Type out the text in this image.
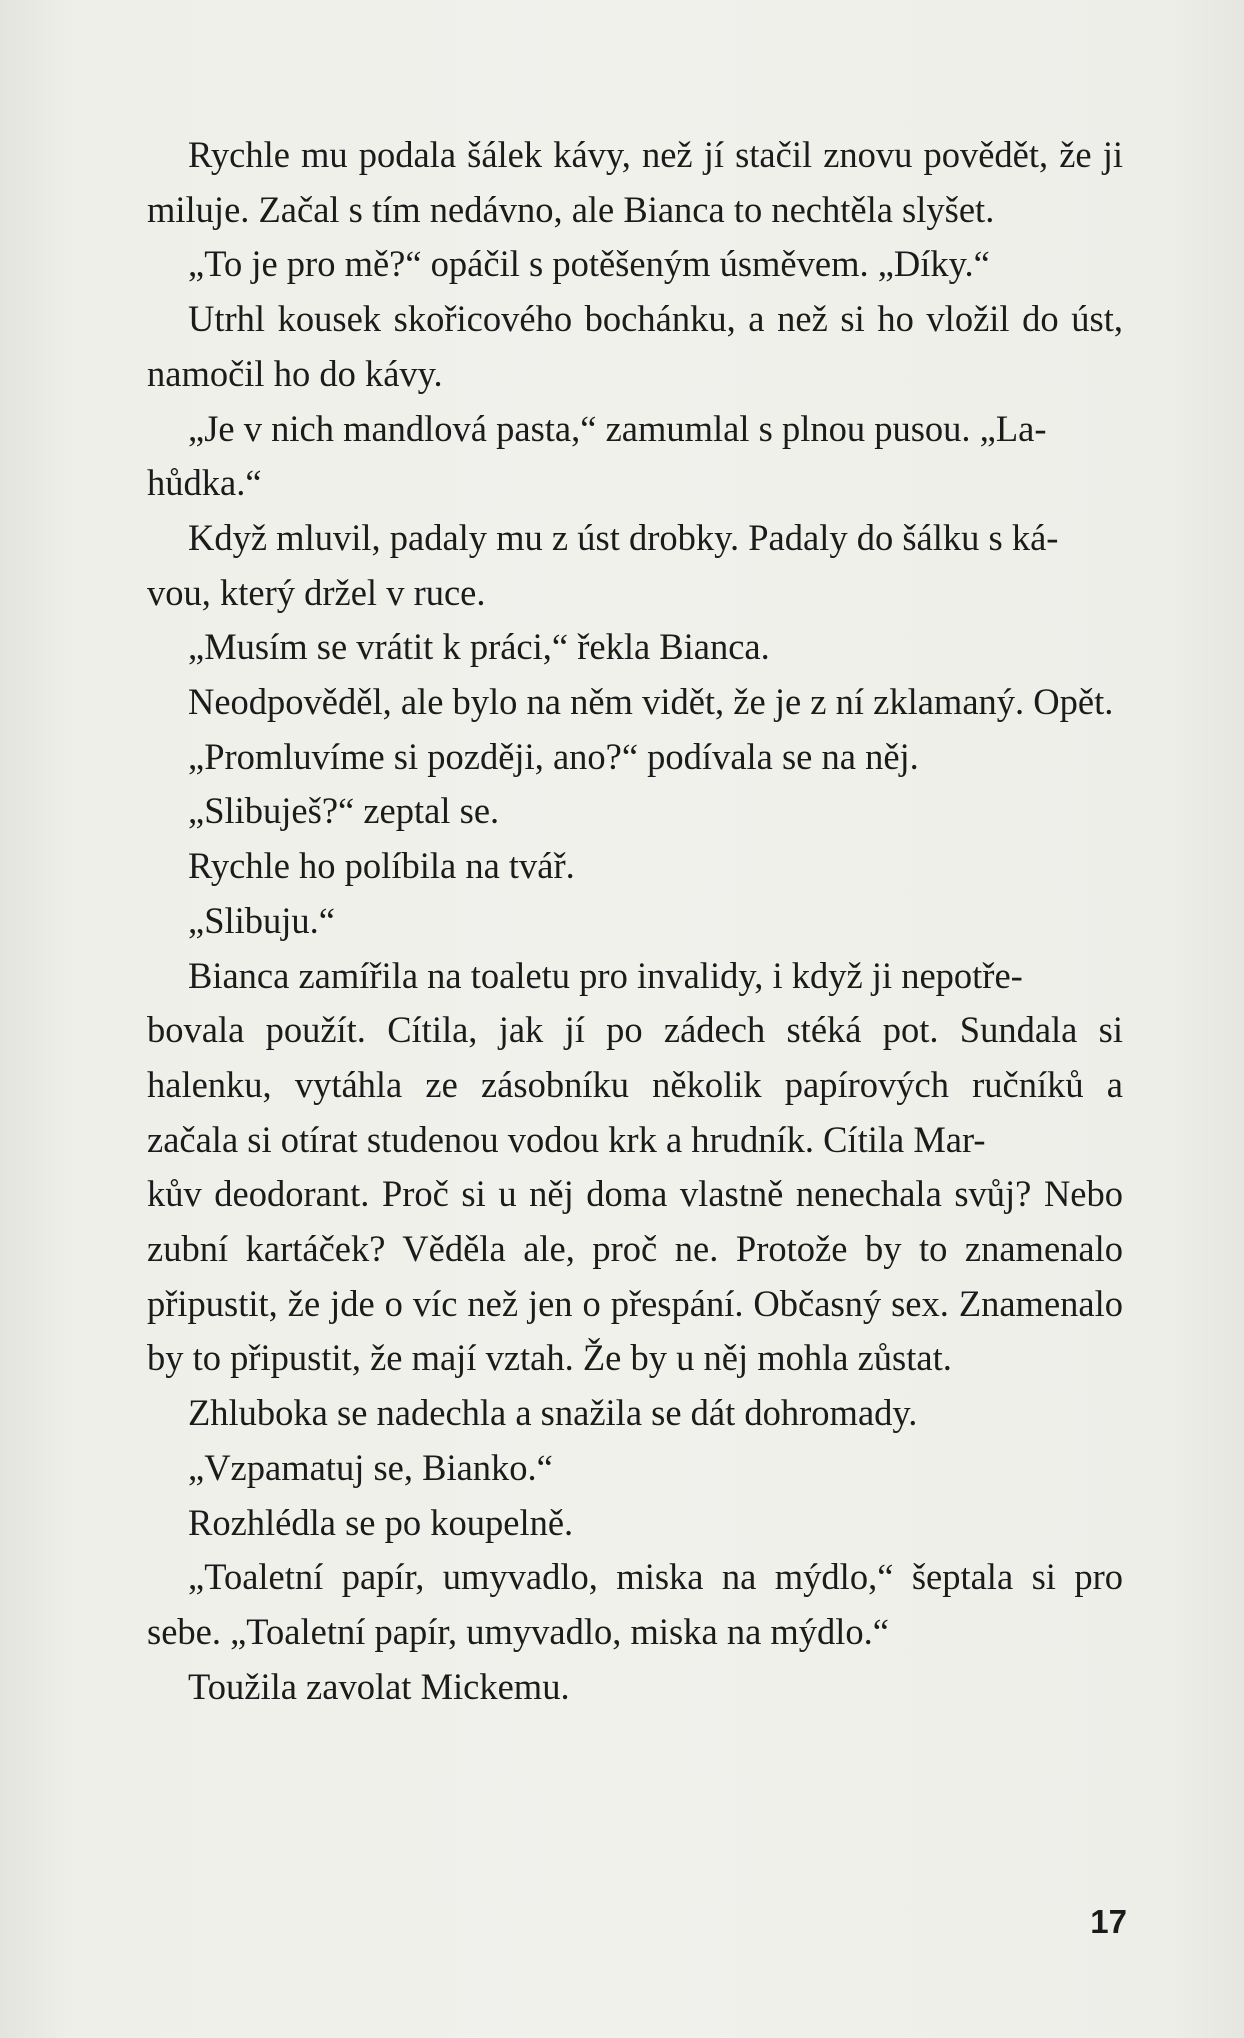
Rychle mu podala šálek kávy, než jí stačil znovu povědět, že ji miluje. Začal s tím nedávno, ale Bianca to nechtěla slyšet.

„To je pro mě?“ opáčil s potěšeným úsměvem. „Díky.“

Utrhl kousek skořicového bochánku, a než si ho vložil do úst, namočil ho do kávy.

„Je v nich mandlová pasta,“ zamumlal s plnou pusou. „La-
hůdka.“

Když mluvil, padaly mu z úst drobky. Padaly do šálku s ká-
vou, který držel v ruce.

„Musím se vrátit k práci,“ řekla Bianca.

Neodpověděl, ale bylo na něm vidět, že je z ní zklamaný. Opět.

„Promluvíme si později, ano?“ podívala se na něj.

„Slibuješ?“ zeptal se.

Rychle ho políbila na tvář.

„Slibuju.“

Bianca zamířila na toaletu pro invalidy, i když ji nepotře-
bovala použít. Cítila, jak jí po zádech stéká pot. Sundala si halenku, vytáhla ze zásobníku několik papírových ručníků a začala si otírat studenou vodou krk a hrudník. Cítila Mar-
kův deodorant. Proč si u něj doma vlastně nenechala svůj? Nebo zubní kartáček? Věděla ale, proč ne. Protože by to znamenalo připustit, že jde o víc než jen o přespání. Občasný sex. Znamenalo by to připustit, že mají vztah. Že by u něj mohla zůstat.

Zhluboka se nadechla a snažila se dát dohromady.

„Vzpamatuj se, Bianko.“

Rozhlédla se po koupelně.

„Toaletní papír, umyvadlo, miska na mýdlo,“ šeptala si pro sebe. „Toaletní papír, umyvadlo, miska na mýdlo.“

Toužila zavolat Mickemu.

17
